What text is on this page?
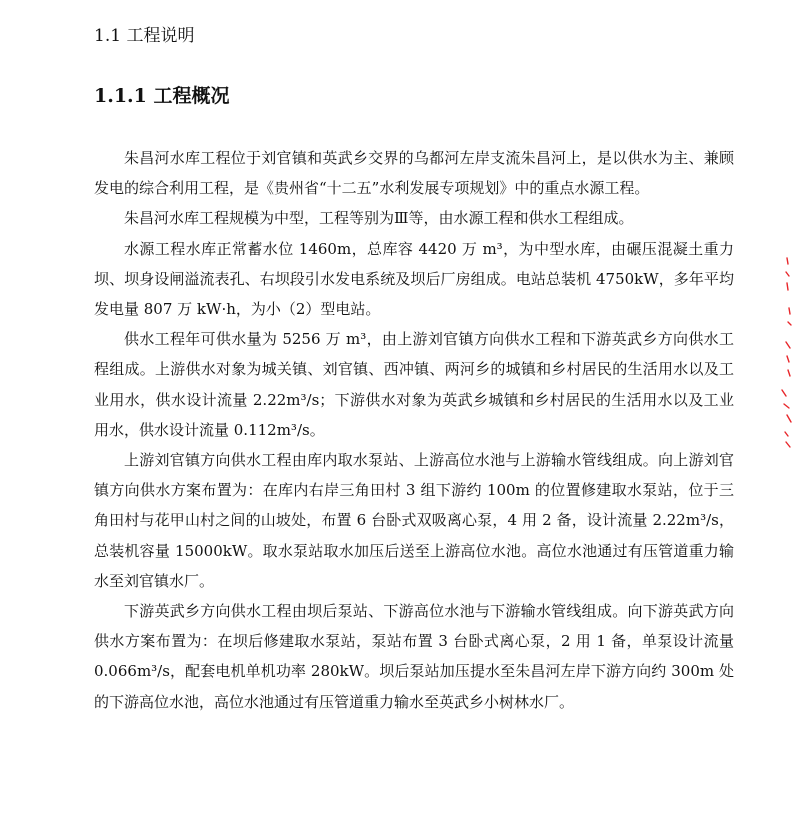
1.1 工程说明
1.1.1 工程概况

朱昌河水库工程位于刘官镇和英武乡交界的乌都河左岸支流朱昌河上，是以供水为主、兼顾发电的综合利用工程，是《贵州省“十二五”水利发展专项规划》中的重点水源工程。

朱昌河水库工程规模为中型，工程等别为Ⅲ等，由水源工程和供水工程组成。

水源工程水库正常蓄水位 1460m，总库容 4420 万 m³，为中型水库，由碾压混凝土重力坝、坝身设闸溢流表孔、右坝段引水发电系统及坝后厂房组成。电站总装机 4750kW，多年平均发电量 807 万 kW·h，为小（2）型电站。

供水工程年可供水量为 5256 万 m³，由上游刘官镇方向供水工程和下游英武乡方向供水工程组成。上游供水对象为城关镇、刘官镇、西冲镇、两河乡的城镇和乡村居民的生活用水以及工业用水，供水设计流量 2.22m³/s；下游供水对象为英武乡城镇和乡村居民的生活用水以及工业用水，供水设计流量 0.112m³/s。

上游刘官镇方向供水工程由库内取水泵站、上游高位水池与上游输水管线组成。向上游刘官镇方向供水方案布置为：在库内右岸三角田村 3 组下游约 100m 的位置修建取水泵站，位于三角田村与花甲山村之间的山坡处，布置 6 台卧式双吸离心泵，4 用 2 备，设计流量 2.22m³/s，总装机容量 15000kW。取水泵站取水加压后送至上游高位水池。高位水池通过有压管道重力输水至刘官镇水厂。

下游英武乡方向供水工程由坝后泵站、下游高位水池与下游输水管线组成。向下游英武方向供水方案布置为：在坝后修建取水泵站，泵站布置 3 台卧式离心泵，2 用 1 备，单泵设计流量 0.066m³/s，配套电机单机功率 280kW。坝后泵站加压提水至朱昌河左岸下游方向约 300m 处的下游高位水池，高位水池通过有压管道重力输水至英武乡小树林水厂。
